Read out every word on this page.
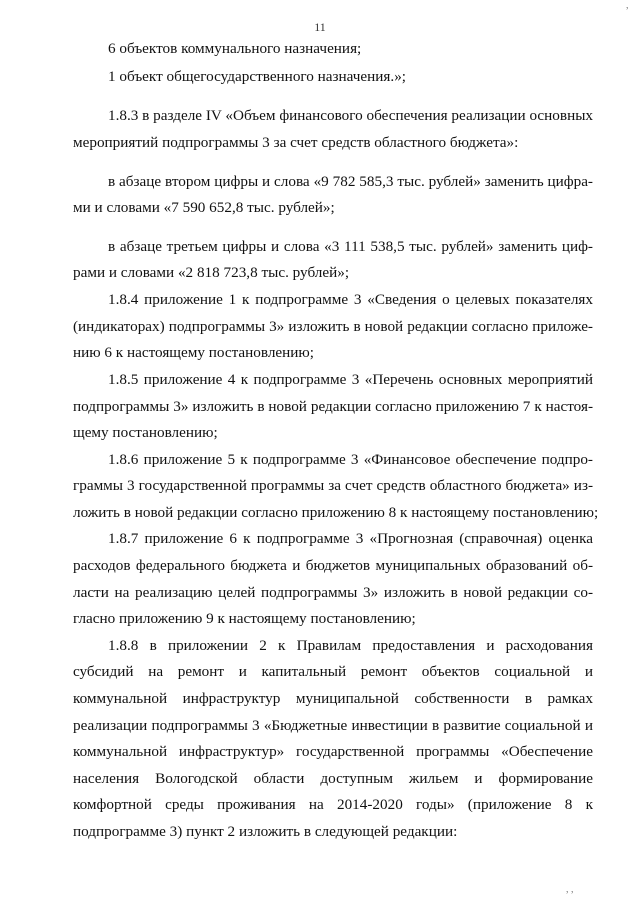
11
6 объектов коммунального назначения;
1 объект общегосударственного назначения.»;
1.8.3 в разделе IV «Объем финансового обеспечения реализации основных
мероприятий подпрограммы 3 за счет средств областного бюджета»:
в абзаце втором цифры и слова «9 782 585,3 тыс. рублей» заменить цифра-
ми и словами «7 590 652,8 тыс. рублей»;
в абзаце третьем цифры и слова «3 111 538,5 тыс. рублей» заменить циф-
рами и словами «2 818 723,8 тыс. рублей»;
1.8.4 приложение 1 к подпрограмме 3 «Сведения о целевых показателях
(индикаторах) подпрограммы 3» изложить в новой редакции согласно приложе-
нию 6 к настоящему постановлению;
1.8.5 приложение 4 к подпрограмме 3 «Перечень основных мероприятий
подпрограммы 3» изложить в новой редакции согласно приложению 7 к настоя-
щему постановлению;
1.8.6 приложение 5 к подпрограмме 3 «Финансовое обеспечение подпро-
граммы 3 государственной программы за счет средств областного бюджета» из-
ложить в новой редакции согласно приложению 8 к настоящему постановлению;
1.8.7 приложение 6 к подпрограмме 3 «Прогнозная (справочная) оценка
расходов федерального бюджета и бюджетов муниципальных образований об-
ласти на реализацию целей подпрограммы 3» изложить в новой редакции со-
гласно приложению 9 к настоящему постановлению;
1.8.8 в приложении 2 к Правилам предоставления и расходования
субсидий на ремонт и капитальный ремонт объектов социальной и
коммунальной инфраструктур муниципальной собственности в рамках
реализации подпрограммы 3 «Бюджетные инвестиции в развитие социальной и
коммунальной инфраструктур» государственной программы «Обеспечение
населения Вологодской области доступным жильем и формирование
комфортной среды проживания на 2014-2020 годы» (приложение 8 к
подпрограмме 3) пункт 2 изложить в следующей редакции:
,
, ,
